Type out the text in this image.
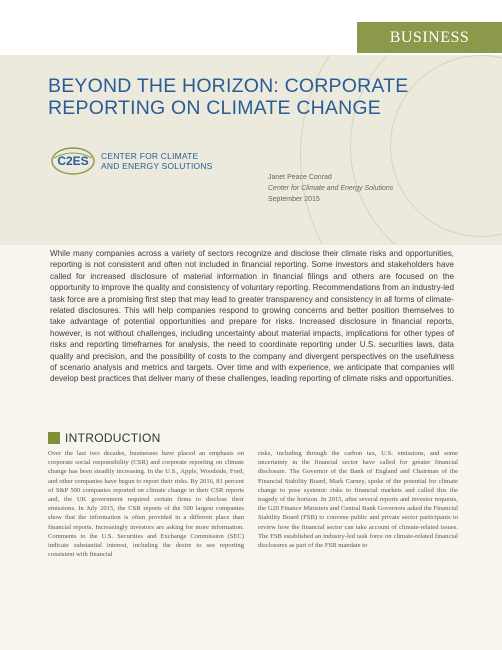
BUSINESS
BEYOND THE HORIZON: CORPORATE
REPORTING ON CLIMATE CHANGE
C2ES CENTER FOR CLIMATE
AND ENERGY SOLUTIONS
Janet Peace Conrad
Center for Climate and Energy Solutions
September 2015

While many companies across a variety of sectors recognize and disclose their climate risks and opportunities, reporting is not consistent and often not included in financial reporting. Some investors and stakeholders have called for increased disclosure of material information in financial filings and others are focused on the opportunity to improve the quality and consistency of voluntary reporting. Recommendations from an industry-led task force are a promising first step that may lead to greater transparency and consistency in all forms of climate-related disclosures. This will help companies respond to growing concerns and better position themselves to take advantage of potential opportunities and prepare for risks. Increased disclosure in financial reports, however, is not without challenges, including uncertainty about material impacts, implications for other types of risks and reporting timeframes for analysis, the need to coordinate reporting under U.S. securities laws, data quality and precision, and the possibility of costs to the company and divergent perspectives on the usefulness of scenario analysis and metrics and targets. Over time and with experience, we anticipate that companies will develop best practices that deliver many of these challenges, leading reporting of climate risks and opportunities.

INTRODUCTION

Over the last two decades, businesses have placed an emphasis on corporate social responsibility (CSR) and corporate reporting on climate change has been steadily increasing. In the U.S., Apple, Woodside, Ford, and other companies have begun to report their risks. By 2016, 81 percent of S&P 500 companies reported on climate change in their CSR reports and, the UK government required certain firms to disclose their emissions. In July 2015, the CSR reports of the 500 largest companies show that the information is often provided in a different place than financial reports. Increasingly investors are asking for more information. Comments to the U.S. Securities and Exchange Commission (SEC) indicate substantial interest, including the desire to see reporting consistent with financial

risks, including through the carbon tax, U.S. emissions, and some uncertainty in the financial sector have called for greater financial disclosure. The Governor of the Bank of England and Chairman of the Financial Stability Board, Mark Carney, spoke of the potential for climate change to pose systemic risks to financial markets and called this the tragedy of the horizon. In 2015, after several reports and investor requests, the G20 Finance Ministers and Central Bank Governors asked the Financial Stability Board (FSB) to convene public and private sector participants to review how the financial sector can take account of climate-related issues. The FSB established an industry-led task force on climate-related financial disclosures as part of the FSB mandate to
